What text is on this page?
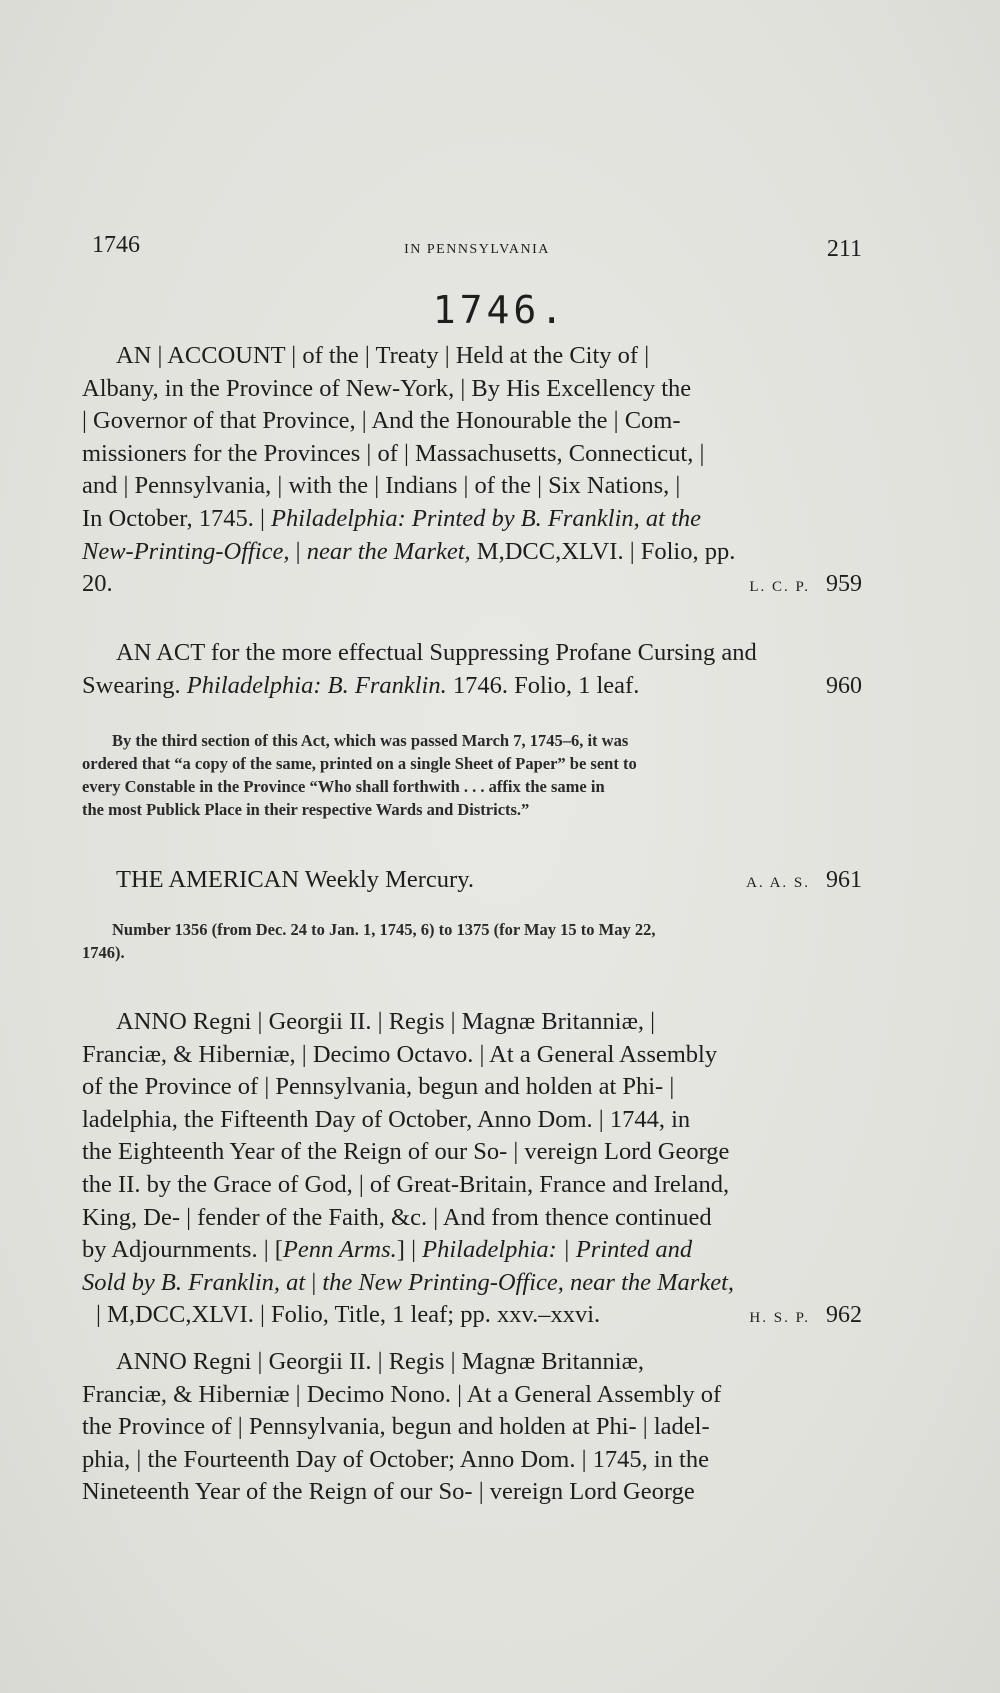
1746	IN PENNSYLVANIA	211
1746.
AN | ACCOUNT | of the | Treaty | Held at the City of |
Albany, in the Province of New-York, | By His Excellency the
| Governor of that Province, | And the Honourable the | Com-
missioners for the Provinces | of | Massachusetts, Connecticut, |
and | Pennsylvania, | with the | Indians | of the | Six Nations, |
In October, 1745. | Philadelphia: Printed by B. Franklin, at the
New-Printing-Office, | near the Market, M,DCC,XLVI. | Folio, pp.
20.	L. C. P. 959
AN ACT for the more effectual Suppressing Profane Cursing and
Swearing. Philadelphia: B. Franklin. 1746. Folio, 1 leaf.	960
By the third section of this Act, which was passed March 7, 1745–6, it was
ordered that “a copy of the same, printed on a single Sheet of Paper” be sent to
every Constable in the Province “Who shall forthwith . . . affix the same in
the most Publick Place in their respective Wards and Districts.”
THE AMERICAN Weekly Mercury.	A. A. S. 961
Number 1356 (from Dec. 24 to Jan. 1, 1745, 6) to 1375 (for May 15 to May 22,
1746).
ANNO Regni | Georgii II. | Regis | Magnæ Britanniæ, |
Franciæ, & Hiberniæ, | Decimo Octavo. | At a General Assembly
of the Province of | Pennsylvania, begun and holden at Phi- |
ladelphia, the Fifteenth Day of October, Anno Dom. | 1744, in
the Eighteenth Year of the Reign of our So- | vereign Lord George
the II. by the Grace of God, | of Great-Britain, France and Ireland,
King, De- | fender of the Faith, &c. | And from thence continued
by Adjournments. | [Penn Arms.] | Philadelphia: | Printed and
Sold by B. Franklin, at | the New Printing-Office, near the Market,
| M,DCC,XLVI. | Folio, Title, 1 leaf; pp. xxv.–xxvi.	H. S. P. 962
ANNO Regni | Georgii II. | Regis | Magnæ Britanniæ,
Franciæ, & Hiberniæ | Decimo Nono. | At a General Assembly of
the Province of | Pennsylvania, begun and holden at Phi- | ladel-
phia, | the Fourteenth Day of October; Anno Dom. | 1745, in the
Nineteenth Year of the Reign of our So- | vereign Lord George
